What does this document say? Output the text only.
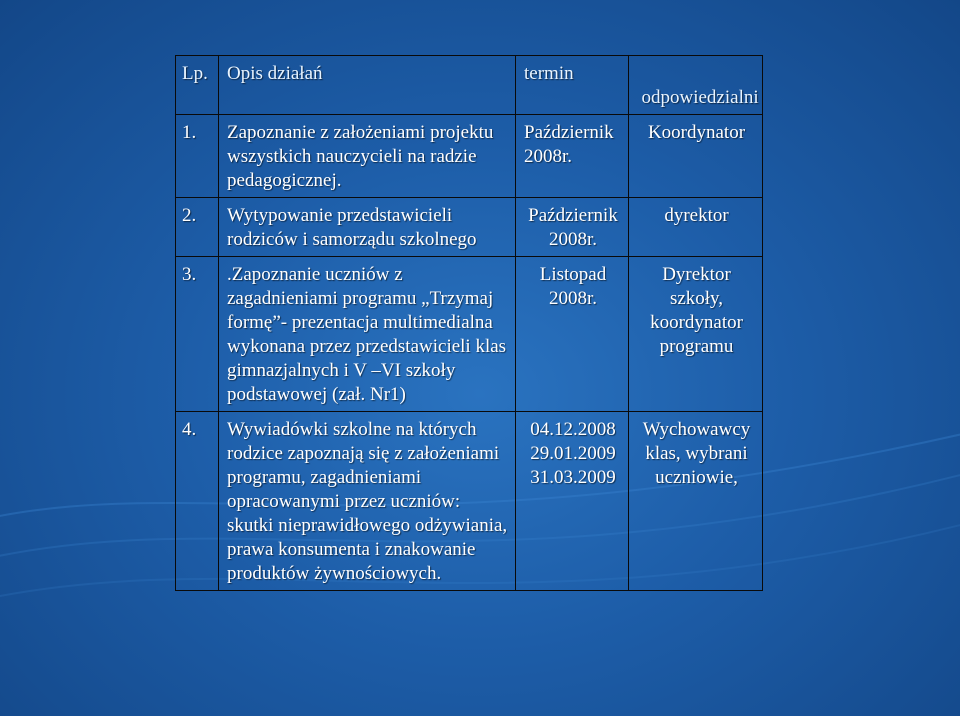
Lp.	Opis działań	termin	odpowiedzialni

1.	Zapoznanie z założeniami projektu wszystkich nauczycieli na radzie pedagogicznej.	Październik 2008r.	Koordynator
2.	Wytypowanie przedstawicieli rodziców i samorządu szkolnego	Październik 2008r.	dyrektor
3.	.Zapoznanie uczniów z zagadnieniami programu „Trzymaj formę”- prezentacja multimedialna wykonana przez przedstawicieli klas gimnazjalnych i V –VI szkoły podstawowej (zał. Nr1)	Listopad 2008r.	Dyrektor szkoły, koordynator programu
4.	Wywiadówki szkolne na których rodzice zapoznają się z założeniami programu, zagadnieniami opracowanymi przez uczniów: skutki nieprawidłowego odżywiania, prawa konsumenta i znakowanie produktów żywnościowych.	04.12.2008 29.01.2009 31.03.2009	Wychowawcy klas, wybrani uczniowie,
